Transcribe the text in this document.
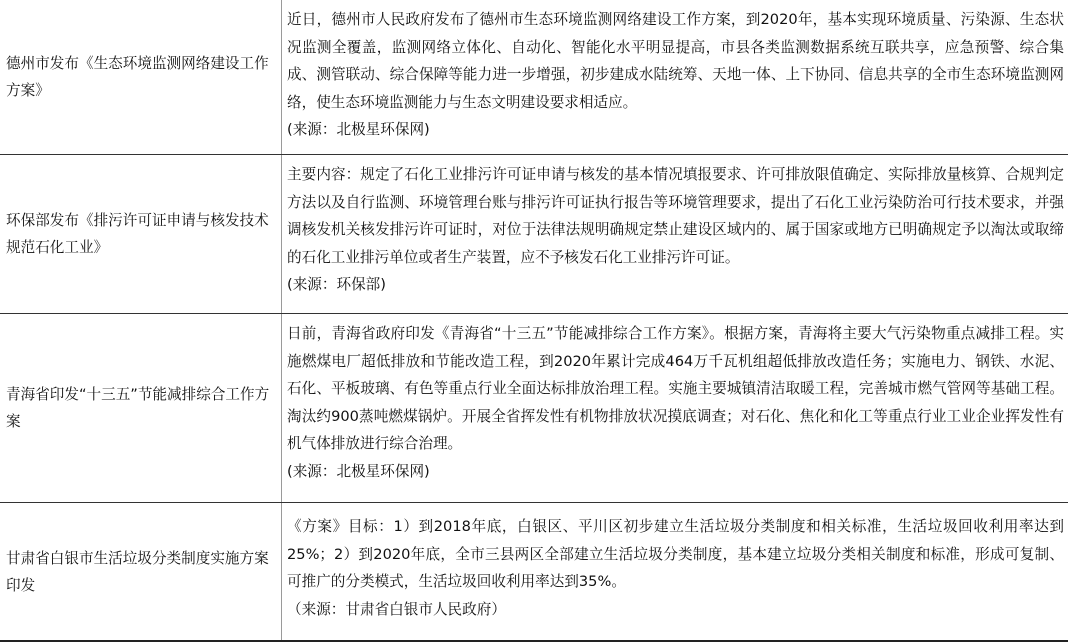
德州市发布《生态环境监测网络建设工作方案》
近日，德州市人民政府发布了德州市生态环境监测网络建设工作方案，到2020年，基本实现环境质量、污染源、生态状况监测全覆盖，监测网络立体化、自动化、智能化水平明显提高，市县各类监测数据系统互联共享，应急预警、综合集成、测管联动、综合保障等能力进一步增强，初步建成水陆统筹、天地一体、上下协同、信息共享的全市生态环境监测网络，使生态环境监测能力与生态文明建设要求相适应。
(来源：北极星环保网)
环保部发布《排污许可证申请与核发技术规范石化工业》
主要内容：规定了石化工业排污许可证申请与核发的基本情况填报要求、许可排放限值确定、实际排放量核算、合规判定方法以及自行监测、环境管理台账与排污许可证执行报告等环境管理要求，提出了石化工业污染防治可行技术要求，并强调核发机关核发排污许可证时，对位于法律法规明确规定禁止建设区域内的、属于国家或地方已明确规定予以淘汰或取缔的石化工业排污单位或者生产装置，应不予核发石化工业排污许可证。
(来源：环保部)
青海省印发“十三五”节能减排综合工作方案
日前，青海省政府印发《青海省“十三五”节能减排综合工作方案》。根据方案，青海将主要大气污染物重点减排工程。实施燃煤电厂超低排放和节能改造工程，到2020年累计完成464万千瓦机组超低排放改造任务；实施电力、钢铁、水泥、石化、平板玻璃、有色等重点行业全面达标排放治理工程。实施主要城镇清洁取暖工程，完善城市燃气管网等基础工程。淘汰约900蒸吨燃煤锅炉。开展全省挥发性有机物排放状况摸底调查；对石化、焦化和化工等重点行业工业企业挥发性有机气体排放进行综合治理。
(来源：北极星环保网)
甘肃省白银市生活垃圾分类制度实施方案印发
《方案》目标：1）到2018年底，白银区、平川区初步建立生活垃圾分类制度和相关标准，生活垃圾回收利用率达到25%；2）到2020年底，全市三县两区全部建立生活垃圾分类制度，基本建立垃圾分类相关制度和标准，形成可复制、可推广的分类模式，生活垃圾回收利用率达到35%。
（来源：甘肃省白银市人民政府）
